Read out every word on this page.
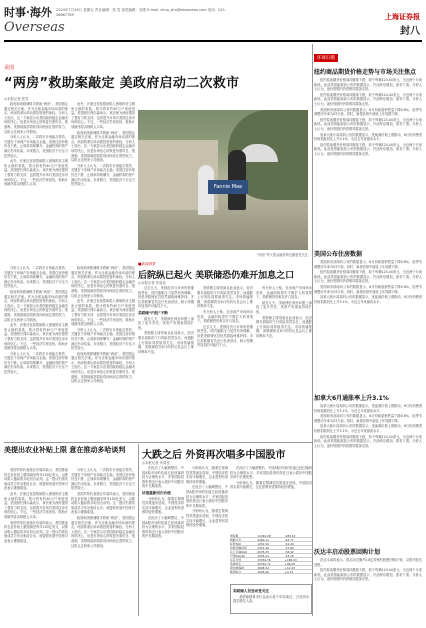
时事·海外
Overseas
2024年7月26日 星期五 责任编辑：张 雪 视觉编辑：邹建 E-mail: zhuo_zhu@ebaonews.com 电话：021-26667789	上海证券报
封八
美国
“两房”救助案敲定 美政府启动二次救市
◎本报记者 张雪

政府和美联储联手救助“两房”，美国国会通过相关法案。作为全球金融市场动荡的焦点，两房的命运牵动着投资者的神经。分析人士指出，这一方案显示出美国政府稳定金融市场的决心，但是市场信心的恢复仍需时日。报道称，美国财政部将获得向两房注资的权力，以防止这两家公司倒闭。

分析人士认为，二次救市计划能否奏效，关键在于房地产市场能否企稳。美国住房价格仍在下跌，止赎率持续攀升，金融机构的资产减记仍未结束。未来数月，美国经济下行压力依然较大。

此外，法案还包括帮助陷入困境的房主避免止赎的条款，预计将有约40万户家庭受益。美国财长保尔森表示，该法案为两房提供了强有力的支持，也将提升市场对美国住房市场的信心。不过，一些经济学家担忧，救助计划最终将由纳税人买单。

此外，法案还包括帮助陷入困境的房主避免止赎的条款，预计将有约40万户家庭受益。美国财长保尔森表示，该法案为两房提供了强有力的支持，也将提升市场对美国住房市场的信心。不过，一些经济学家担忧，救助计划最终将由纳税人买单。

政府和美联储联手救助“两房”，美国国会通过相关法案。作为全球金融市场动荡的焦点，两房的命运牵动着投资者的神经。分析人士指出，这一方案显示出美国政府稳定金融市场的决心，但是市场信心的恢复仍需时日。报道称，美国财政部将获得向两房注资的权力，以防止这两家公司倒闭。

分析人士认为，二次救市计划能否奏效，关键在于房地产市场能否企稳。美国住房价格仍在下跌，止赎率持续攀升，金融机构的资产减记仍未结束。未来数月，美国经济下行压力依然较大。	Fannie Mae
“两房”等大型金融机构近期备受关注

分析人士认为，二次救市计划能否奏效，关键在于房地产市场能否企稳。美国住房价格仍在下跌，止赎率持续攀升，金融机构的资产减记仍未结束。未来数月，美国经济下行压力依然较大。

政府和美联储联手救助“两房”，美国国会通过相关法案。作为全球金融市场动荡的焦点，两房的命运牵动着投资者的神经。分析人士指出，这一方案显示出美国政府稳定金融市场的决心，但是市场信心的恢复仍需时日。报道称，美国财政部将获得向两房注资的权力，以防止这两家公司倒闭。

此外，法案还包括帮助陷入困境的房主避免止赎的条款，预计将有约40万户家庭受益。美国财长保尔森表示，该法案为两房提供了强有力的支持，也将提升市场对美国住房市场的信心。不过，一些经济学家担忧，救助计划最终将由纳税人买单。

分析人士认为，二次救市计划能否奏效，关键在于房地产市场能否企稳。美国住房价格仍在下跌，止赎率持续攀升，金融机构的资产减记仍未结束。未来数月，美国经济下行压力依然较大。

政府和美联储联手救助“两房”，美国国会通过相关法案。作为全球金融市场动荡的焦点，两房的命运牵动着投资者的神经。分析人士指出，这一方案显示出美国政府稳定金融市场的决心，但是市场信心的恢复仍需时日。报道称，美国财政部将获得向两房注资的权力，以防止这两家公司倒闭。

此外，法案还包括帮助陷入困境的房主避免止赎的条款，预计将有约40万户家庭受益。美国财长保尔森表示，该法案为两房提供了强有力的支持，也将提升市场对美国住房市场的信心。不过，一些经济学家担忧，救助计划最终将由纳税人买单。

分析人士认为，二次救市计划能否奏效，关键在于房地产市场能否企稳。美国住房价格仍在下跌，止赎率持续攀升，金融机构的资产减记仍未结束。未来数月，美国经济下行压力依然较大。

政府和美联储联手救助“两房”，美国国会通过相关法案。作为全球金融市场动荡的焦点，两房的命运牵动着投资者的神经。分析人士指出，这一方案显示出美国政府稳定金融市场的决心，但是市场信心的恢复仍需时日。报道称，美国财政部将获得向两房注资的权力，以防止这两家公司倒闭。

■新闻背景
后院纵已起火 美联储恐仍难开加息之口
◎本报记者 朱周良

过去几天，美国经济与市场形势继续恶化，国内通胀压力虽然有所缓解，但是美联储官员依然面临两难抉择。多位美联储官员近日发表讲话，暗示短期内加息的可能性不大。

美联储“内忧”不断

最近几天，美联储在两房问题上承担了更多责任，其资产负债表持续扩张。

美联储主席伯南克此前表示，经济增长面临的下行风险依然存在，而通胀上行风险同样值得关注。市场普遍预期，美联储将在8月份的议息会议上维持利率不变。

美联储主席伯南克此前表示，经济增长面临的下行风险依然存在，而通胀上行风险同样值得关注。市场普遍预期，美联储将在8月份的议息会议上维持利率不变。

有分析人士称，在房地产市场尚未见底、金融机构损失不断扩大的背景下，美联储恐怕难以开口加息。

过去几天，美国经济与市场形势继续恶化，国内通胀压力虽然有所缓解，但是美联储官员依然面临两难抉择。多位美联储官员近日发表讲话，暗示短期内加息的可能性不大。

有分析人士称，在房地产市场尚未见底、金融机构损失不断扩大的背景下，美联储恐怕难以开口加息。

最近几天，美联储在两房问题上承担了更多责任，其资产负债表持续扩张。

美联储主席伯南克此前表示，经济增长面临的下行风险依然存在，而通胀上行风险同样值得关注。市场普遍预期，美联储将在8月份的议息会议上维持利率不变。

美提出农业补贴上限 意在推动多哈谈判

美国贸易代表施瓦布周四表示，美国准备将农业补贴上限削减至每年150亿美元，以推动陷入僵局的多哈回合谈判。这一提议仍需其他成员方作出相应让步。欧盟和发展中国家对此表示谨慎欢迎。

此外，法案还包括帮助陷入困境的房主避免止赎的条款，预计将有约40万户家庭受益。美国财长保尔森表示，该法案为两房提供了强有力的支持，也将提升市场对美国住房市场的信心。不过，一些经济学家担忧，救助计划最终将由纳税人买单。

美国贸易代表施瓦布周四表示，美国准备将农业补贴上限削减至每年150亿美元，以推动陷入僵局的多哈回合谈判。这一提议仍需其他成员方作出相应让步。欧盟和发展中国家对此表示谨慎欢迎。

分析人士认为，二次救市计划能否奏效，关键在于房地产市场能否企稳。美国住房价格仍在下跌，止赎率持续攀升，金融机构的资产减记仍未结束。未来数月，美国经济下行压力依然较大。

美国贸易代表施瓦布周四表示，美国准备将农业补贴上限削减至每年150亿美元，以推动陷入僵局的多哈回合谈判。这一提议仍需其他成员方作出相应让步。欧盟和发展中国家对此表示谨慎欢迎。

政府和美联储联手救助“两房”，美国国会通过相关法案。作为全球金融市场动荡的焦点，两房的命运牵动着投资者的神经。分析人士指出，这一方案显示出美国政府稳定金融市场的决心，但是市场信心的恢复仍需时日。报道称，美国财政部将获得向两房注资的权力，以防止这两家公司倒闭。

大跌之后 外资再次唱多中国股市
◎本报记者 朱周良

在经历了大幅调整后，中国A股市场的估值已经回落到较为合理的水平，多家国际投资机构近日表示看好中国股市的中长期前景。

估值重新回归合理

分析师认为，随着宏观调控效果逐步显现，中国经济将实现平稳增长，企业盈利有望保持较快增速。

在经历了大幅调整后，中国A股市场的估值已经回落到较为合理的水平，多家国际投资机构近日表示看好中国股市的中长期前景。

分析师认为，随着宏观调控效果逐步显现，中国经济将实现平稳增长，企业盈利有望保持较快增速。

在经历了大幅调整后，中国A股市场的估值已经回落到较为合理的水平，多家国际投资机构近日表示看好中国股市的中长期前景。

分析师认为，随着宏观调控效果逐步显现，中国经济将实现平稳增长，企业盈利有望保持较快增速。

在经历了大幅调整后，中国A股市场的估值已经回落到较为合理的水平，多家国际投资机构近日表示看好中国股市的中长期前景。

分析师认为，随着宏观调控效果逐步显现，中国经济将实现平稳增长，企业盈利有望保持较快增速。

道琼斯	11349.28	-283.10
纳斯达克	2280.11	-45.77
标普500	1252.54	-32.29
伦敦金融时报	5312.40	-37.60
法兰克福DAX	6478.25	-58.92
巴黎CAC40	4345.21	-33.18
东京日经	13334.76	+180.00
香港恒生	22740.71	+86.65
新加坡海峡	2948.52	+12.43
韩国综合	1628.60	+9.33

美联储人员变动受关注

美联储理事米什金表示将于年底离任，白宫尚未提名继任人选。

环球扫描
纽约商品期货价格走势与市场关注焦点

纽约原油期货价格周四继续下跌，收于每桶124.44美元，为近两个月来新低。此前美国能源部公布的数据显示，汽油库存增加，需求下滑。分析人士认为，油价短期内仍将维持震荡走势。

纽约原油期货价格周四继续下跌，收于每桶124.44美元，为近两个月来新低。此前美国能源部公布的数据显示，汽油库存增加，需求下滑。分析人士认为，油价短期内仍将维持震荡走势。

美国商务部周四公布的数据显示，6月份新屋销售量下降0.6%，经季节调整后年率为53万套。同时，新屋价格中值较上年同期下降。

纽约原油期货价格周四继续下跌，收于每桶124.44美元，为近两个月来新低。此前美国能源部公布的数据显示，汽油库存增加，需求下滑。分析人士认为，油价短期内仍将维持震荡走势。

加拿大统计局周四公布的数据显示，受能源价格上涨推动，6月份消费者价格指数同比上升3.1%，为近五年来最高水平。

纽约原油期货价格周四继续下跌，收于每桶124.44美元，为近两个月来新低。此前美国能源部公布的数据显示，汽油库存增加，需求下滑。分析人士认为，油价短期内仍将维持震荡走势。

美国公布住房数据

美国商务部周四公布的数据显示，6月份新屋销售量下降0.6%，经季节调整后年率为53万套。同时，新屋价格中值较上年同期下降。

纽约原油期货价格周四继续下跌，收于每桶124.44美元，为近两个月来新低。此前美国能源部公布的数据显示，汽油库存增加，需求下滑。分析人士认为，油价短期内仍将维持震荡走势。

美国商务部周四公布的数据显示，6月份新屋销售量下降0.6%，经季节调整后年率为53万套。同时，新屋价格中值较上年同期下降。

加拿大统计局周四公布的数据显示，受能源价格上涨推动，6月份消费者价格指数同比上升3.1%，为近五年来最高水平。

加拿大6月通胀率上升3.1%

加拿大统计局周四公布的数据显示，受能源价格上涨推动，6月份消费者价格指数同比上升3.1%，为近五年来最高水平。

美国商务部周四公布的数据显示，6月份新屋销售量下降0.6%，经季节调整后年率为53万套。同时，新屋价格中值较上年同期下降。

加拿大统计局周四公布的数据显示，受能源价格上涨推动，6月份消费者价格指数同比上升3.1%，为近五年来最高水平。

纽约原油期货价格周四继续下跌，收于每桶124.44美元，为近两个月来新低。此前美国能源部公布的数据显示，汽油库存增加，需求下滑。分析人士认为，油价短期内仍将维持震荡走势。

沃达丰启动股票回购计划

沃达丰周四表示，将启动总额约10亿英镑的股票回购计划，以提升股东回报。

纽约原油期货价格周四继续下跌，收于每桶124.44美元，为近两个月来新低。此前美国能源部公布的数据显示，汽油库存增加，需求下滑。分析人士认为，油价短期内仍将维持震荡走势。
